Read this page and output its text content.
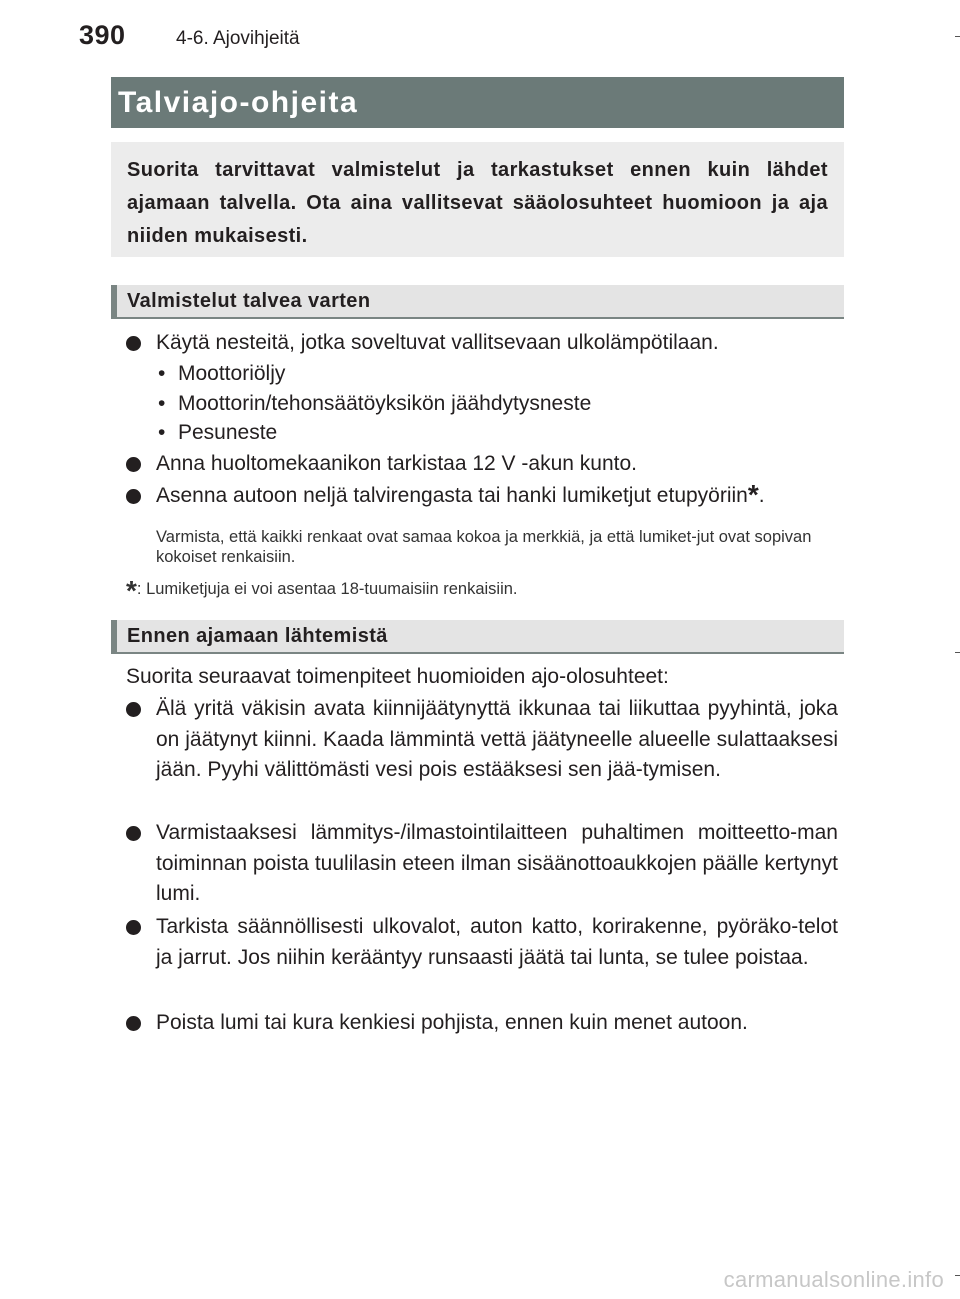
390	4-6. Ajovihjeitä
Talviajo-ohjeita
Suorita tarvittavat valmistelut ja tarkastukset ennen kuin lähdet ajamaan talvella. Ota aina vallitsevat sääolosuhteet huomioon ja aja niiden mukaisesti.
Valmistelut talvea varten
Käytä nesteitä, jotka soveltuvat vallitsevaan ulkolämpötilaan.
• Moottoriöljy
• Moottorin/tehonsäätöyksikön jäähdytysneste
• Pesuneste
Anna huoltomekaanikon tarkistaa 12 V -akun kunto.
Asenna autoon neljä talvirengasta tai hanki lumiketjut etupyöriin*.
Varmista, että kaikki renkaat ovat samaa kokoa ja merkkiä, ja että lumiket-jut ovat sopivan kokoiset renkaisiin.
*: Lumiketjuja ei voi asentaa 18-tuumaisiin renkaisiin.
Ennen ajamaan lähtemistä
Suorita seuraavat toimenpiteet huomioiden ajo-olosuhteet:
Älä yritä väkisin avata kiinnijäätynyttä ikkunaa tai liikuttaa pyyhintä, joka on jäätynyt kiinni. Kaada lämmintä vettä jäätyneelle alueelle sulattaaksesi jään. Pyyhi välittömästi vesi pois estääksesi sen jää-tymisen.
Varmistaaksesi lämmitys-/ilmastointilaitteen puhaltimen moitteetto-man toiminnan poista tuulilasin eteen ilman sisäänottoaukkojen päälle kertynyt lumi.
Tarkista säännöllisesti ulkovalot, auton katto, korirakenne, pyöräko-telot ja jarrut. Jos niihin kerääntyy runsaasti jäätä tai lunta, se tulee poistaa.
Poista lumi tai kura kenkiesi pohjista, ennen kuin menet autoon.
carmanualsonline.info
